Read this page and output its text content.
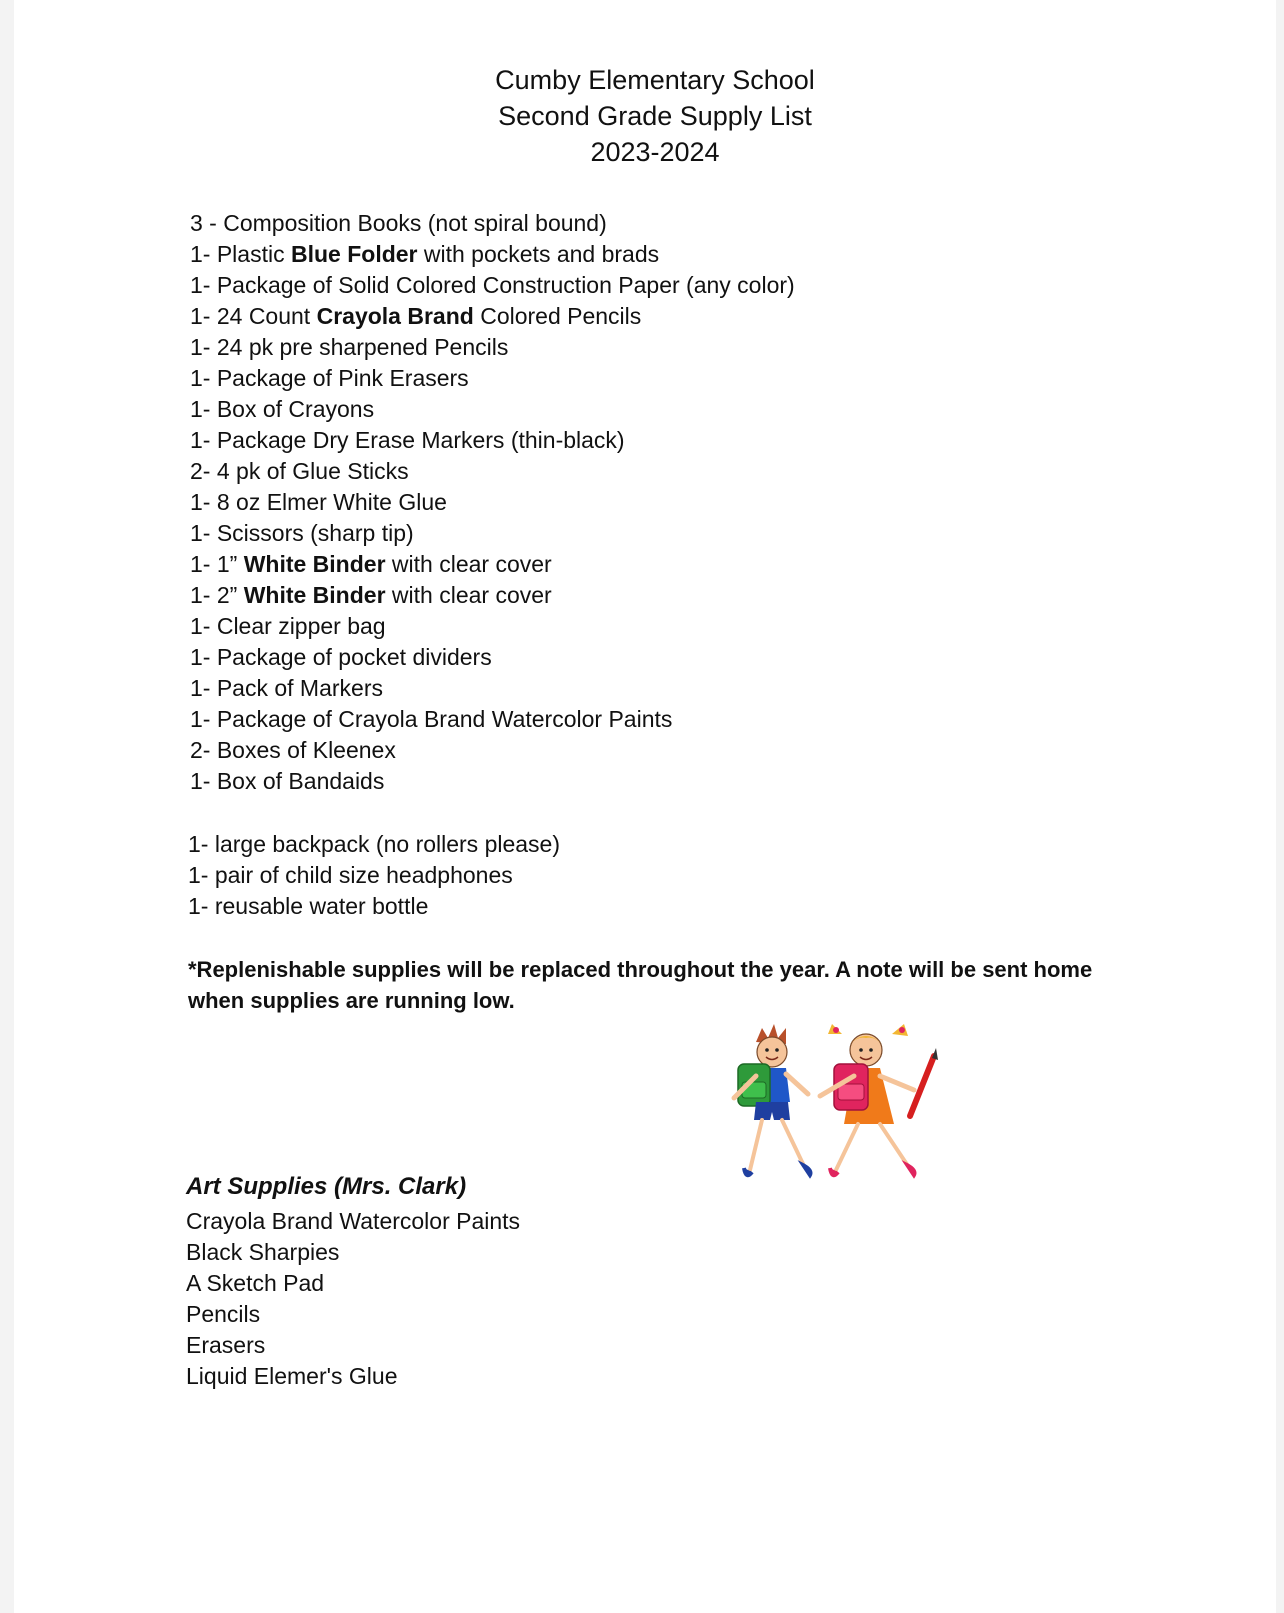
Cumby Elementary School
Second Grade Supply List
2023-2024
3 - Composition Books (not spiral bound)
1- Plastic Blue Folder with pockets and brads
1- Package of Solid Colored Construction Paper (any color)
1- 24 Count Crayola Brand Colored Pencils
1- 24 pk pre sharpened Pencils
1- Package of Pink Erasers
1- Box of Crayons
1- Package Dry Erase Markers (thin-black)
2- 4 pk of Glue Sticks
1- 8 oz Elmer White Glue
1- Scissors (sharp tip)
1- 1” White Binder with clear cover
1- 2” White Binder with clear cover
1- Clear zipper bag
1- Package of pocket dividers
1- Pack of Markers
1- Package of Crayola Brand Watercolor Paints
2- Boxes of Kleenex
1- Box of Bandaids
1- large backpack (no rollers please)
1- pair of child size headphones
1- reusable water bottle
*Replenishable supplies will be replaced throughout the year. A note will be sent home when supplies are running low.
Art Supplies (Mrs. Clark)
Crayola Brand Watercolor Paints
Black Sharpies
A Sketch Pad
Pencils
Erasers
Liquid Elemer's Glue
